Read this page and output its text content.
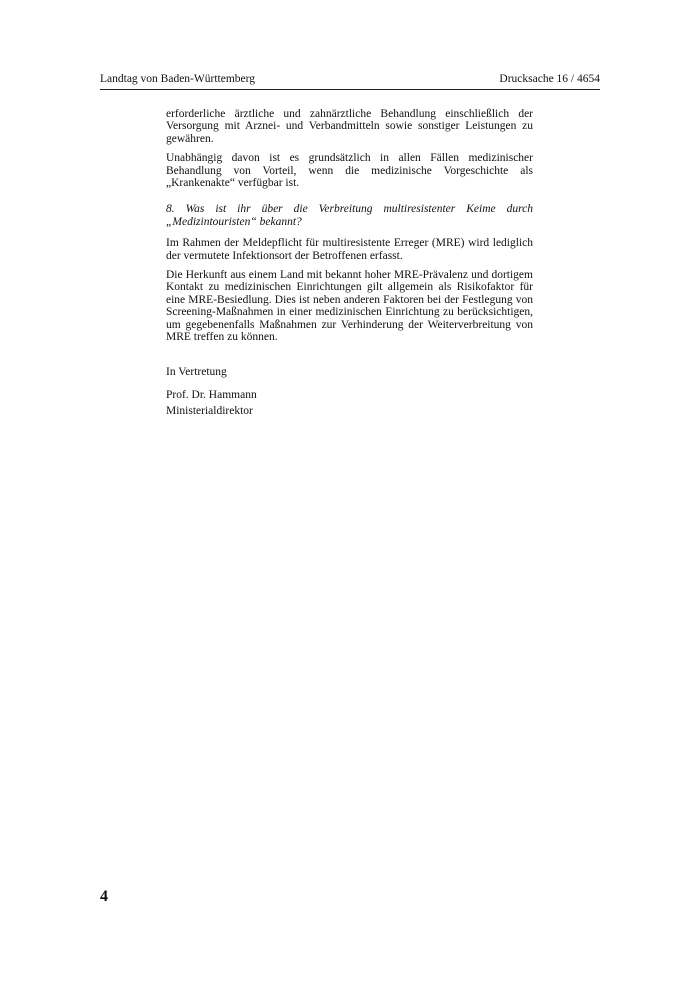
Landtag von Baden-Württemberg	Drucksache 16 / 4654

erforderliche ärztliche und zahnärztliche Behandlung einschließlich der Versorgung mit Arznei- und Verbandmitteln sowie sonstiger Leistungen zu gewähren.

Unabhängig davon ist es grundsätzlich in allen Fällen medizinischer Behandlung von Vorteil, wenn die medizinische Vorgeschichte als „Krankenakte“ verfügbar ist.

8. Was ist ihr über die Verbreitung multiresistenter Keime durch „Medizintouristen“ bekannt?

Im Rahmen der Meldepflicht für multiresistente Erreger (MRE) wird lediglich der vermutete Infektionsort der Betroffenen erfasst.

Die Herkunft aus einem Land mit bekannt hoher MRE-Prävalenz und dortigem Kontakt zu medizinischen Einrichtungen gilt allgemein als Risikofaktor für eine MRE-Besiedlung. Dies ist neben anderen Faktoren bei der Festlegung von Screening-Maßnahmen in einer medizinischen Einrichtung zu berücksichtigen, um gegebenenfalls Maßnahmen zur Verhinderung der Weiterverbreitung von MRE treffen zu können.

In Vertretung

Prof. Dr. Hammann

Ministerialdirektor

4
